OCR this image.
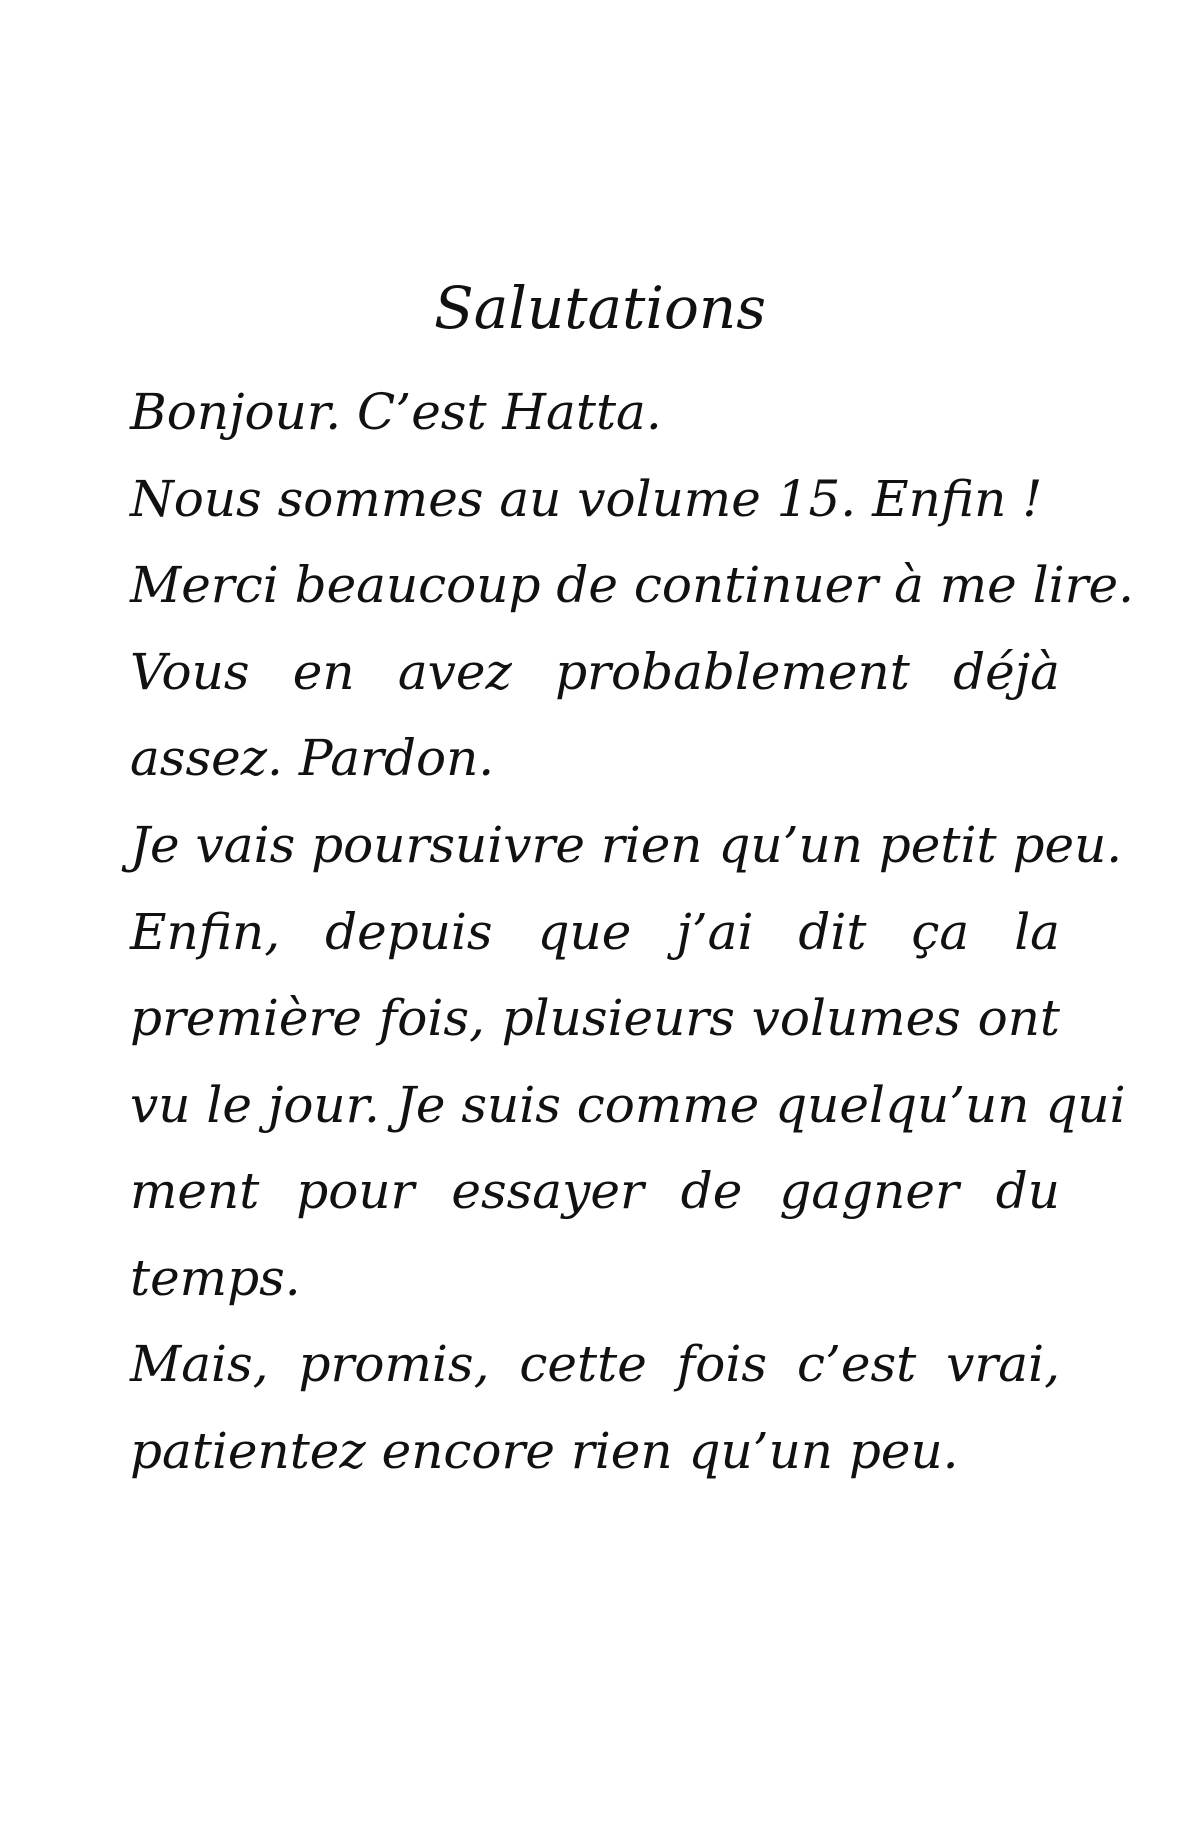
Salutations
Bonjour. C’est Hatta.
Nous sommes au volume 15. Enfin !
Merci beaucoup de continuer à me lire.
Vous en avez probablement déjà
assez. Pardon.
Je vais poursuivre rien qu’un petit peu.
Enfin, depuis que j’ai dit ça la
première fois, plusieurs volumes ont
vu le jour. Je suis comme quelqu’un qui
ment pour essayer de gagner du
temps.
Mais, promis, cette fois c’est vrai,
patientez encore rien qu’un peu.
